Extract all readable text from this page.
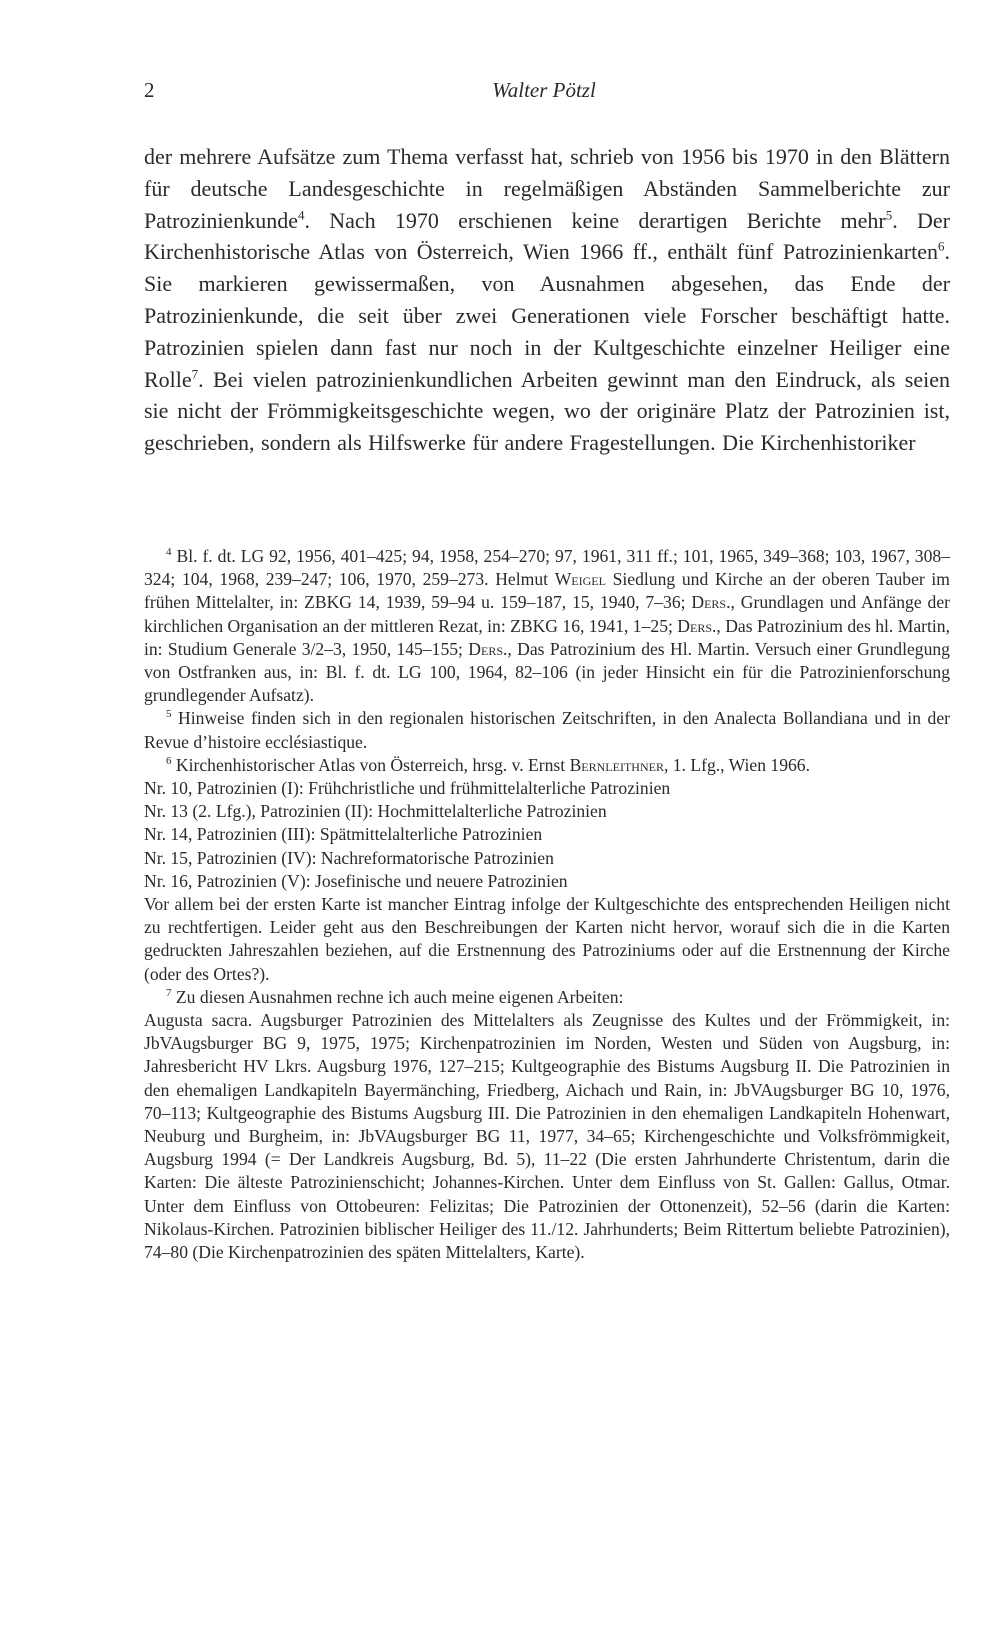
2	Walter Pötzl

der mehrere Aufsätze zum Thema verfasst hat, schrieb von 1956 bis 1970 in den Blättern für deutsche Landesgeschichte in regelmäßigen Abständen Sammelberichte zur Patrozinienkunde$^4$. Nach 1970 erschienen keine derartigen Berichte mehr$^5$. Der Kirchenhistorische Atlas von Österreich, Wien 1966 ff., enthält fünf Patrozinienkarten$^6$. Sie markieren gewissermaßen, von Ausnahmen abgesehen, das Ende der Patrozinienkunde, die seit über zwei Generationen viele Forscher beschäftigt hatte. Patrozinien spielen dann fast nur noch in der Kultgeschichte einzelner Heiliger eine Rolle$^7$. Bei vielen patrozinienkundlichen Arbeiten gewinnt man den Eindruck, als seien sie nicht der Frömmigkeitsgeschichte wegen, wo der originäre Platz der Patrozinien ist, geschrieben, sondern als Hilfswerke für andere Fragestellungen. Die Kirchenhistoriker

$^4$ Bl. f. dt. LG 92, 1956, 401–425; 94, 1958, 254–270; 97, 1961, 311 ff.; 101, 1965, 349–368; 103, 1967, 308–324; 104, 1968, 239–247; 106, 1970, 259–273. Helmut Weigel Siedlung und Kirche an der oberen Tauber im frühen Mittelalter, in: ZBKG 14, 1939, 59–94 u. 159–187, 15, 1940, 7–36; Ders., Grundlagen und Anfänge der kirchlichen Organisation an der mittleren Rezat, in: ZBKG 16, 1941, 1–25; Ders., Das Patrozinium des hl. Martin, in: Studium Generale 3/2–3, 1950, 145–155; Ders., Das Patrozinium des Hl. Martin. Versuch einer Grundlegung von Ostfranken aus, in: Bl. f. dt. LG 100, 1964, 82–106 (in jeder Hinsicht ein für die Patrozinienforschung grundlegender Aufsatz).

$^5$ Hinweise finden sich in den regionalen historischen Zeitschriften, in den Analecta Bollandiana und in der Revue d’histoire ecclésiastique.

$^6$ Kirchenhistorischer Atlas von Österreich, hrsg. v. Ernst Bernleithner, 1. Lfg., Wien 1966.

Nr. 10, Patrozinien (I): Frühchristliche und frühmittelalterliche Patrozinien

Nr. 13 (2. Lfg.), Patrozinien (II): Hochmittelalterliche Patrozinien

Nr. 14, Patrozinien (III): Spätmittelalterliche Patrozinien

Nr. 15, Patrozinien (IV): Nachreformatorische Patrozinien

Nr. 16, Patrozinien (V): Josefinische und neuere Patrozinien

Vor allem bei der ersten Karte ist mancher Eintrag infolge der Kultgeschichte des entsprechenden Heiligen nicht zu rechtfertigen. Leider geht aus den Beschreibungen der Karten nicht hervor, worauf sich die in die Karten gedruckten Jahreszahlen beziehen, auf die Erstnennung des Patroziniums oder auf die Erstnennung der Kirche (oder des Ortes?).

$^7$ Zu diesen Ausnahmen rechne ich auch meine eigenen Arbeiten:

Augusta sacra. Augsburger Patrozinien des Mittelalters als Zeugnisse des Kultes und der Frömmigkeit, in: JbVAugsburger BG 9, 1975, 1975; Kirchenpatrozinien im Norden, Westen und Süden von Augsburg, in: Jahresbericht HV Lkrs. Augsburg 1976, 127–215; Kultgeographie des Bistums Augsburg II. Die Patrozinien in den ehemaligen Landkapiteln Bayermänching, Friedberg, Aichach und Rain, in: JbVAugsburger BG 10, 1976, 70–113; Kultgeographie des Bistums Augsburg III. Die Patrozinien in den ehemaligen Landkapiteln Hohenwart, Neuburg und Burgheim, in: JbVAugsburger BG 11, 1977, 34–65; Kirchengeschichte und Volksfrömmigkeit, Augsburg 1994 (= Der Landkreis Augsburg, Bd. 5), 11–22 (Die ersten Jahrhunderte Christentum, darin die Karten: Die älteste Patrozinienschicht; Johannes-Kirchen. Unter dem Einfluss von St. Gallen: Gallus, Otmar. Unter dem Einfluss von Ottobeuren: Felizitas; Die Patrozinien der Ottonenzeit), 52–56 (darin die Karten: Nikolaus-Kirchen. Patrozinien biblischer Heiliger des 11./12. Jahrhunderts; Beim Rittertum beliebte Patrozinien), 74–80 (Die Kirchenpatrozinien des späten Mittelalters, Karte).
